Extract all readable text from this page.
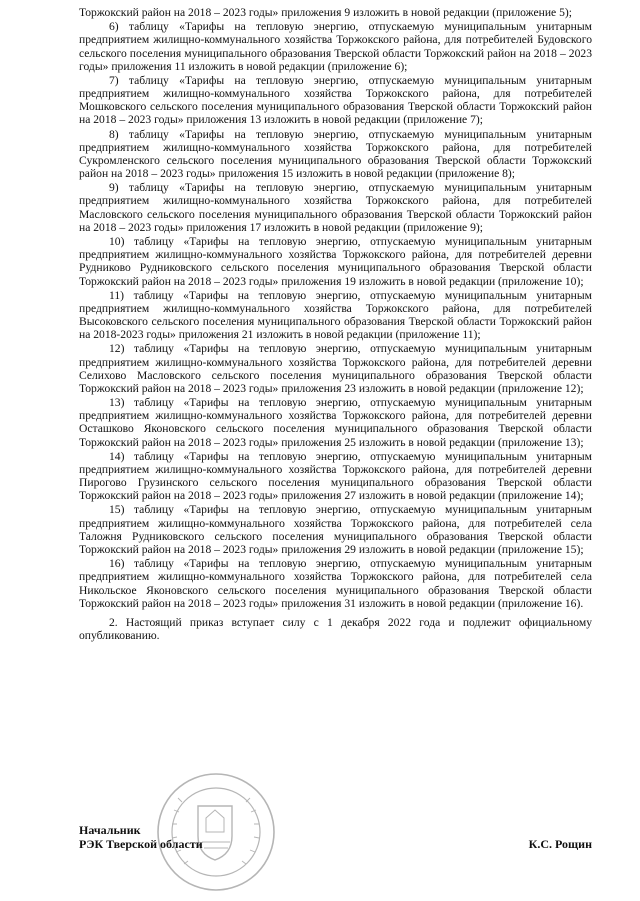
Торжокский район на 2018 – 2023 годы» приложения 9 изложить в новой редакции (приложение 5);

6) таблицу «Тарифы на тепловую энергию, отпускаемую муниципальным унитарным предприятием жилищно-коммунального хозяйства Торжокского района, для потребителей Будовского сельского поселения муниципального образования Тверской области Торжокский район на 2018 – 2023 годы» приложения 11 изложить в новой редакции (приложение 6);

7) таблицу «Тарифы на тепловую энергию, отпускаемую муниципальным унитарным предприятием жилищно-коммунального хозяйства Торжокского района, для потребителей Мошковского сельского поселения муниципального образования Тверской области Торжокский район на 2018 – 2023 годы» приложения 13 изложить в новой редакции (приложение 7);

8) таблицу «Тарифы на тепловую энергию, отпускаемую муниципальным унитарным предприятием жилищно-коммунального хозяйства Торжокского района, для потребителей Сукромленского сельского поселения муниципального образования Тверской области Торжокский район на 2018 – 2023 годы» приложения 15 изложить в новой редакции (приложение 8);

9) таблицу «Тарифы на тепловую энергию, отпускаемую муниципальным унитарным предприятием жилищно-коммунального хозяйства Торжокского района, для потребителей Масловского сельского поселения муниципального образования Тверской области Торжокский район на 2018 – 2023 годы» приложения 17 изложить в новой редакции (приложение 9);

10) таблицу «Тарифы на тепловую энергию, отпускаемую муниципальным унитарным предприятием жилищно-коммунального хозяйства Торжокского района, для потребителей деревни Рудниково Рудниковского сельского поселения муниципального образования Тверской области Торжокский район на 2018 – 2023 годы» приложения 19 изложить в новой редакции (приложение 10);

11) таблицу «Тарифы на тепловую энергию, отпускаемую муниципальным унитарным предприятием жилищно-коммунального хозяйства Торжокского района, для потребителей Высоковского сельского поселения муниципального образования Тверской области Торжокский район на 2018-2023 годы» приложения 21 изложить в новой редакции (приложение 11);

12) таблицу «Тарифы на тепловую энергию, отпускаемую муниципальным унитарным предприятием жилищно-коммунального хозяйства Торжокского района, для потребителей деревни Селихово Масловского сельского поселения муниципального образования Тверской области Торжокский район на 2018 – 2023 годы» приложения 23 изложить в новой редакции (приложение 12);

13) таблицу «Тарифы на тепловую энергию, отпускаемую муниципальным унитарным предприятием жилищно-коммунального хозяйства Торжокского района, для потребителей деревни Осташково Яконовского сельского поселения муниципального образования Тверской области Торжокский район на 2018 – 2023 годы» приложения 25 изложить в новой редакции (приложение 13);

14) таблицу «Тарифы на тепловую энергию, отпускаемую муниципальным унитарным предприятием жилищно-коммунального хозяйства Торжокского района, для потребителей деревни Пирогово Грузинского сельского поселения муниципального образования Тверской области Торжокский район на 2018 – 2023 годы» приложения 27 изложить в новой редакции (приложение 14);

15) таблицу «Тарифы на тепловую энергию, отпускаемую муниципальным унитарным предприятием жилищно-коммунального хозяйства Торжокского района, для потребителей села Таложня Рудниковского сельского поселения муниципального образования Тверской области Торжокский район на 2018 – 2023 годы» приложения 29 изложить в новой редакции (приложение 15);

16) таблицу «Тарифы на тепловую энергию, отпускаемую муниципальным унитарным предприятием жилищно-коммунального хозяйства Торжокского района, для потребителей села Никольское Яконовского сельского поселения муниципального образования Тверской области Торжокский район на 2018 – 2023 годы» приложения 31 изложить в новой редакции (приложение 16).

2. Настоящий приказ вступает силу с 1 декабря 2022 года и подлежит официальному опубликованию.

Начальник
РЭК Тверской области	К.С. Рощин
